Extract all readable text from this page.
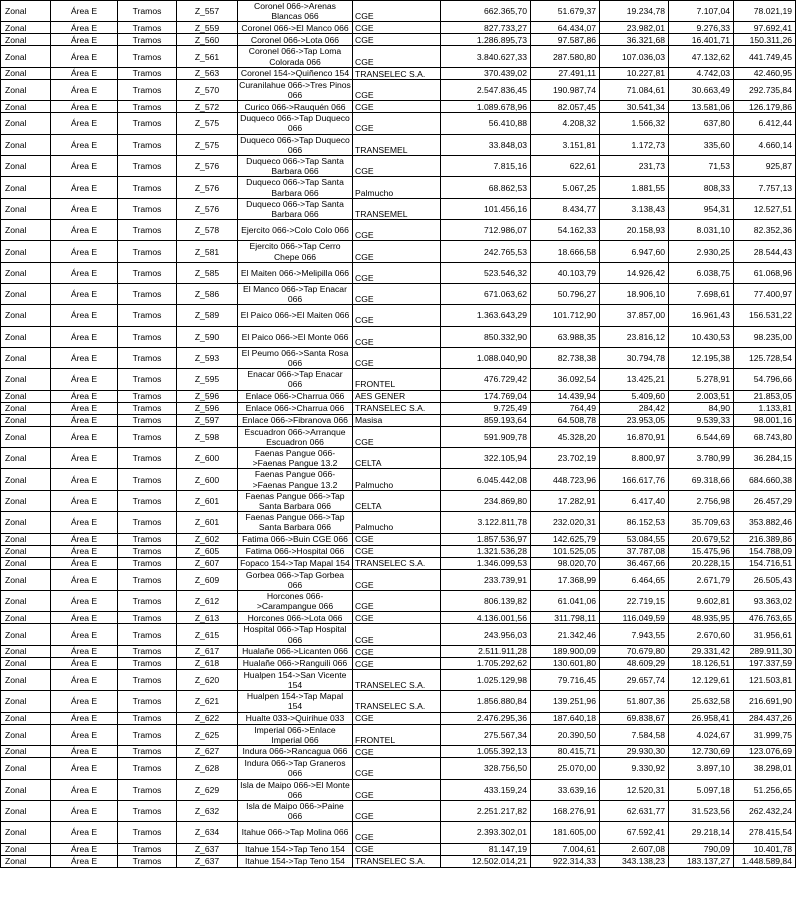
Zonal	Área E	Tramos	Z_557	Coronel 066->Arenas Blancas 066	CGE	662.365,70	51.679,37	19.234,78	7.107,04	78.021,19
Zonal	Área E	Tramos	Z_559	Coronel 066->El Manco 066	CGE	827.733,27	64.434,07	23.982,01	9.276,33	97.692,41
Zonal	Área E	Tramos	Z_560	Coronel 066->Lota 066	CGE	1.286.895,73	97.587,86	36.321,68	16.401,71	150.311,26
Zonal	Área E	Tramos	Z_561	Coronel 066->Tap Loma Colorada 066	CGE	3.840.627,33	287.580,80	107.036,03	47.132,62	441.749,45
Zonal	Área E	Tramos	Z_563	Coronel 154->Quiñenco 154	TRANSELEC S.A.	370.439,02	27.491,11	10.227,81	4.742,03	42.460,95
Zonal	Área E	Tramos	Z_570	Curanilahue 066->Tres Pinos 066	CGE	2.547.836,45	190.987,74	71.084,61	30.663,49	292.735,84
Zonal	Área E	Tramos	Z_572	Curico 066->Rauquén 066	CGE	1.089.678,96	82.057,45	30.541,34	13.581,06	126.179,86
Zonal	Área E	Tramos	Z_575	Duqueco 066->Tap Duqueco 066	CGE	56.410,88	4.208,32	1.566,32	637,80	6.412,44
Zonal	Área E	Tramos	Z_575	Duqueco 066->Tap Duqueco 066	TRANSEMEL	33.848,03	3.151,81	1.172,73	335,60	4.660,14
Zonal	Área E	Tramos	Z_576	Duqueco 066->Tap Santa Barbara 066	CGE	7.815,16	622,61	231,73	71,53	925,87
Zonal	Área E	Tramos	Z_576	Duqueco 066->Tap Santa Barbara 066	Palmucho	68.862,53	5.067,25	1.881,55	808,33	7.757,13
Zonal	Área E	Tramos	Z_576	Duqueco 066->Tap Santa Barbara 066	TRANSEMEL	101.456,16	8.434,77	3.138,43	954,31	12.527,51
Zonal	Área E	Tramos	Z_578	Ejercito 066->Colo Colo 066	CGE	712.986,07	54.162,33	20.158,93	8.031,10	82.352,36
Zonal	Área E	Tramos	Z_581	Ejercito 066->Tap Cerro Chepe 066	CGE	242.765,53	18.666,58	6.947,60	2.930,25	28.544,43
Zonal	Área E	Tramos	Z_585	El Maiten 066->Melipilla 066	CGE	523.546,32	40.103,79	14.926,42	6.038,75	61.068,96
Zonal	Área E	Tramos	Z_586	El Manco 066->Tap Enacar 066	CGE	671.063,62	50.796,27	18.906,10	7.698,61	77.400,97
Zonal	Área E	Tramos	Z_589	El Paico 066->El Maiten 066	CGE	1.363.643,29	101.712,90	37.857,00	16.961,43	156.531,22
Zonal	Área E	Tramos	Z_590	El Paico 066->El Monte 066	CGE	850.332,90	63.988,35	23.816,12	10.430,53	98.235,00
Zonal	Área E	Tramos	Z_593	El Peumo 066->Santa Rosa 066	CGE	1.088.040,90	82.738,38	30.794,78	12.195,38	125.728,54
Zonal	Área E	Tramos	Z_595	Enacar 066->Tap Enacar 066	FRONTEL	476.729,42	36.092,54	13.425,21	5.278,91	54.796,66
Zonal	Área E	Tramos	Z_596	Enlace 066->Charrua 066	AES GENER	174.769,04	14.439,94	5.409,60	2.003,51	21.853,05
Zonal	Área E	Tramos	Z_596	Enlace 066->Charrua 066	TRANSELEC S.A.	9.725,49	764,49	284,42	84,90	1.133,81
Zonal	Área E	Tramos	Z_597	Enlace 066->Fibranova 066	Masisa	859.193,64	64.508,78	23.953,05	9.539,33	98.001,16
Zonal	Área E	Tramos	Z_598	Escuadron 066->Arranque Escuadron 066	CGE	591.909,78	45.328,20	16.870,91	6.544,69	68.743,80
Zonal	Área E	Tramos	Z_600	Faenas Pangue 066->Faenas Pangue 13.2	CELTA	322.105,94	23.702,19	8.800,97	3.780,99	36.284,15
Zonal	Área E	Tramos	Z_600	Faenas Pangue 066->Faenas Pangue 13.2	Palmucho	6.045.442,08	448.723,96	166.617,76	69.318,66	684.660,38
Zonal	Área E	Tramos	Z_601	Faenas Pangue 066->Tap Santa Barbara 066	CELTA	234.869,80	17.282,91	6.417,40	2.756,98	26.457,29
Zonal	Área E	Tramos	Z_601	Faenas Pangue 066->Tap Santa Barbara 066	Palmucho	3.122.811,78	232.020,31	86.152,53	35.709,63	353.882,46
Zonal	Área E	Tramos	Z_602	Fatima 066->Buin CGE 066	CGE	1.857.536,97	142.625,79	53.084,55	20.679,52	216.389,86
Zonal	Área E	Tramos	Z_605	Fatima 066->Hospital 066	CGE	1.321.536,28	101.525,05	37.787,08	15.475,96	154.788,09
Zonal	Área E	Tramos	Z_607	Fopaco 154->Tap Mapal 154	TRANSELEC S.A.	1.346.099,53	98.020,70	36.467,66	20.228,15	154.716,51
Zonal	Área E	Tramos	Z_609	Gorbea 066->Tap Gorbea 066	CGE	233.739,91	17.368,99	6.464,65	2.671,79	26.505,43
Zonal	Área E	Tramos	Z_612	Horcones 066->Carampangue 066	CGE	806.139,82	61.041,06	22.719,15	9.602,81	93.363,02
Zonal	Área E	Tramos	Z_613	Horcones 066->Lota 066	CGE	4.136.001,56	311.798,11	116.049,59	48.935,95	476.763,65
Zonal	Área E	Tramos	Z_615	Hospital 066->Tap Hospital 066	CGE	243.956,03	21.342,46	7.943,55	2.670,60	31.956,61
Zonal	Área E	Tramos	Z_617	Hualañe 066->Licanten 066	CGE	2.511.911,28	189.900,09	70.679,80	29.331,42	289.911,30
Zonal	Área E	Tramos	Z_618	Hualañe 066->Ranguili 066	CGE	1.705.292,62	130.601,80	48.609,29	18.126,51	197.337,59
Zonal	Área E	Tramos	Z_620	Hualpen 154->San Vicente 154	TRANSELEC S.A.	1.025.129,98	79.716,45	29.657,74	12.129,61	121.503,81
Zonal	Área E	Tramos	Z_621	Hualpen 154->Tap Mapal 154	TRANSELEC S.A.	1.856.880,84	139.251,96	51.807,36	25.632,58	216.691,90
Zonal	Área E	Tramos	Z_622	Hualte 033->Quirihue 033	CGE	2.476.295,36	187.640,18	69.838,67	26.958,41	284.437,26
Zonal	Área E	Tramos	Z_625	Imperial 066->Enlace Imperial 066	FRONTEL	275.567,34	20.390,50	7.584,58	4.024,67	31.999,75
Zonal	Área E	Tramos	Z_627	Indura 066->Rancagua 066	CGE	1.055.392,13	80.415,71	29.930,30	12.730,69	123.076,69
Zonal	Área E	Tramos	Z_628	Indura 066->Tap Graneros 066	CGE	328.756,50	25.070,00	9.330,92	3.897,10	38.298,01
Zonal	Área E	Tramos	Z_629	Isla de Maipo 066->El Monte 066	CGE	433.159,24	33.639,16	12.520,31	5.097,18	51.256,65
Zonal	Área E	Tramos	Z_632	Isla de Maipo 066->Paine 066	CGE	2.251.217,82	168.276,91	62.631,77	31.523,56	262.432,24
Zonal	Área E	Tramos	Z_634	Itahue 066->Tap Molina 066	CGE	2.393.302,01	181.605,00	67.592,41	29.218,14	278.415,54
Zonal	Área E	Tramos	Z_637	Itahue 154->Tap Teno 154	CGE	81.147,19	7.004,61	2.607,08	790,09	10.401,78
Zonal	Área E	Tramos	Z_637	Itahue 154->Tap Teno 154	TRANSELEC S.A.	12.502.014,21	922.314,33	343.138,23	183.137,27	1.448.589,84
